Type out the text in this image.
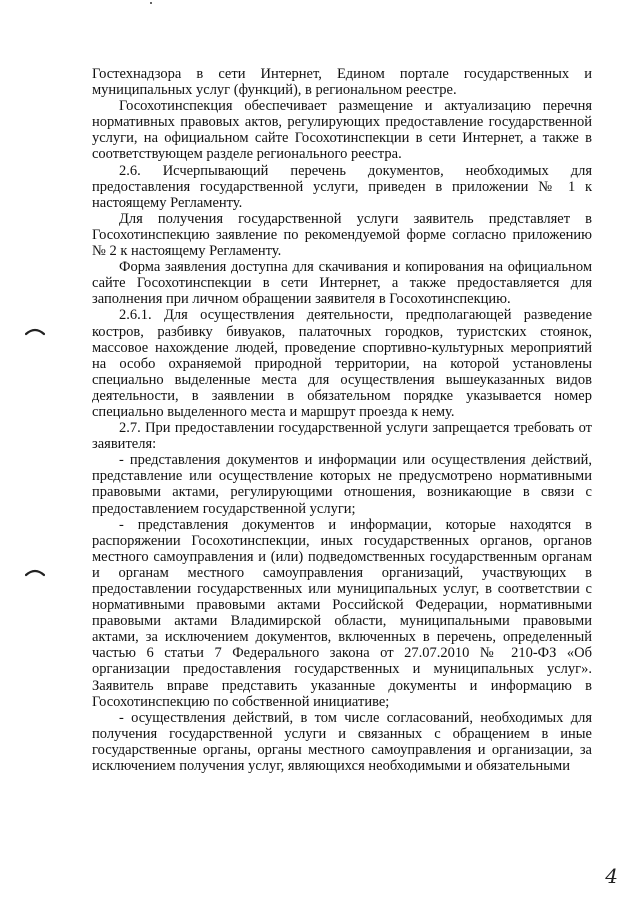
Гостехнадзора в сети Интернет, Едином портале государственных и муниципальных услуг (функций), в региональном реестре.

Госохотинспекция обеспечивает размещение и актуализацию перечня нормативных правовых актов, регулирующих предоставление государственной услуги, на официальном сайте Госохотинспекции в сети Интернет, а также в соответствующем разделе регионального реестра.

2.6. Исчерпывающий перечень документов, необходимых для предоставления государственной услуги, приведен в приложении № 1 к настоящему Регламенту.

Для получения государственной услуги заявитель представляет в Госохотинспекцию заявление по рекомендуемой форме согласно приложению № 2 к настоящему Регламенту.

Форма заявления доступна для скачивания и копирования на официальном сайте Госохотинспекции в сети Интернет, а также предоставляется для заполнения при личном обращении заявителя в Госохотинспекцию.

2.6.1. Для осуществления деятельности, предполагающей разведение костров, разбивку бивуаков, палаточных городков, туристских стоянок, массовое нахождение людей, проведение спортивно-культурных мероприятий на особо охраняемой природной территории, на которой установлены специально выделенные места для осуществления вышеуказанных видов деятельности, в заявлении в обязательном порядке указывается номер специально выделенного места и маршрут проезда к нему.

2.7. При предоставлении государственной услуги запрещается требовать от заявителя:

- представления документов и информации или осуществления действий, представление или осуществление которых не предусмотрено нормативными правовыми актами, регулирующими отношения, возникающие в связи с предоставлением государственной услуги;

- представления документов и информации, которые находятся в распоряжении Госохотинспекции, иных государственных органов, органов местного самоуправления и (или) подведомственных государственным органам и органам местного самоуправления организаций, участвующих в предоставлении государственных или муниципальных услуг, в соответствии с нормативными правовыми актами Российской Федерации, нормативными правовыми актами Владимирской области, муниципальными правовыми актами, за исключением документов, включенных в перечень, определенный частью 6 статьи 7 Федерального закона от 27.07.2010 № 210-ФЗ «Об организации предоставления государственных и муниципальных услуг». Заявитель вправе представить указанные документы и информацию в Госохотинспекцию по собственной инициативе;

- осуществления действий, в том числе согласований, необходимых для получения государственной услуги и связанных с обращением в иные государственные органы, органы местного самоуправления и организации, за исключением получения услуг, являющихся необходимыми и обязательными

4
